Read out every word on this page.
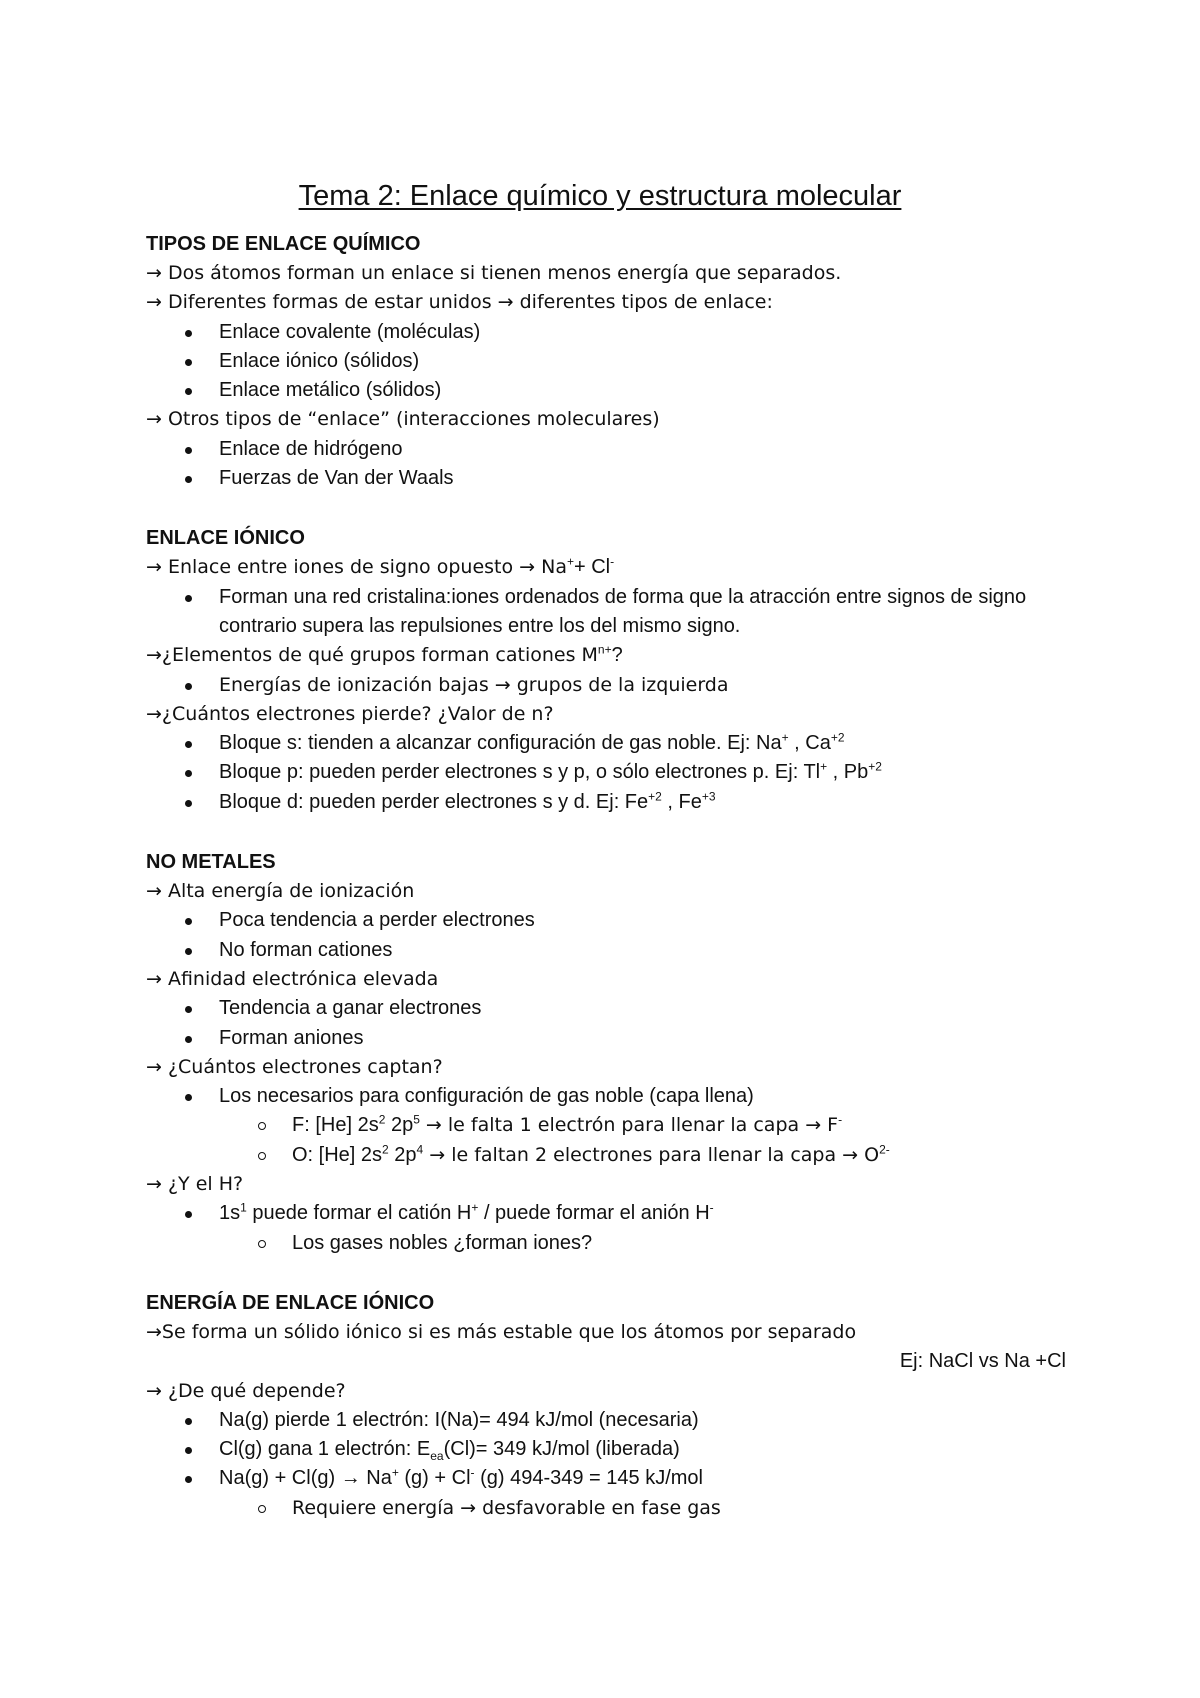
Tema 2: Enlace químico y estructura molecular
TIPOS DE ENLACE QUÍMICO
→ Dos átomos forman un enlace si tienen menos energía que separados.
→ Diferentes formas de estar unidos → diferentes tipos de enlace:
Enlace covalente (moléculas)
Enlace iónico (sólidos)
Enlace metálico (sólidos)
→ Otros tipos de “enlace” (interacciones moleculares)
Enlace de hidrógeno
Fuerzas de Van der Waals
ENLACE IÓNICO
→ Enlace entre iones de signo opuesto → Na++ Cl-
Forman una red cristalina:iones ordenados de forma que la atracción entre signos de signo contrario supera las repulsiones entre los del mismo signo.
→¿Elementos de qué grupos forman cationes $M^{n+}$?
Energías de ionización bajas → grupos de la izquierda
→¿Cuántos electrones pierde? ¿Valor de n?
Bloque s: tienden a alcanzar configuración de gas noble. Ej: Na+ , $Ca^{+2}$
Bloque p: pueden perder electrones s y p, o sólo electrones p. Ej: Tl+ , $Pb^{+2}$
Bloque d: pueden perder electrones s y d. Ej: $Fe^{+2}$ , $Fe^{+3}$
NO METALES
→ Alta energía de ionización
Poca tendencia a perder electrones
No forman cationes
→ Afinidad electrónica elevada
Tendencia a ganar electrones
Forman aniones
→ ¿Cuántos electrones captan?
Los necesarios para configuración de gas noble (capa llena)
F: [He] $2s^2$ $2p^5$ → le falta 1 electrón para llenar la capa → F-
O: [He] $2s^2$ $2p^4$ → le faltan 2 electrones para llenar la capa → $O^{2-}$
→ ¿Y el H?
$1s^1$ puede formar el catión H+ / puede formar el anión H-
Los gases nobles ¿forman iones?
ENERGÍA DE ENLACE IÓNICO
→Se forma un sólido iónico si es más estable que los átomos por separado
Ej: NaCl vs Na +Cl
→ ¿De qué depende?
Na(g) pierde 1 electrón: I(Na)= 494 kJ/mol (necesaria)
Cl(g) gana 1 electrón: $E_{ea}(Cl)= 349$ kJ/mol (liberada)
Na(g) + Cl(g) → Na+ (g) + Cl- (g) 494-349 = 145 kJ/mol
Requiere energía → desfavorable en fase gas
